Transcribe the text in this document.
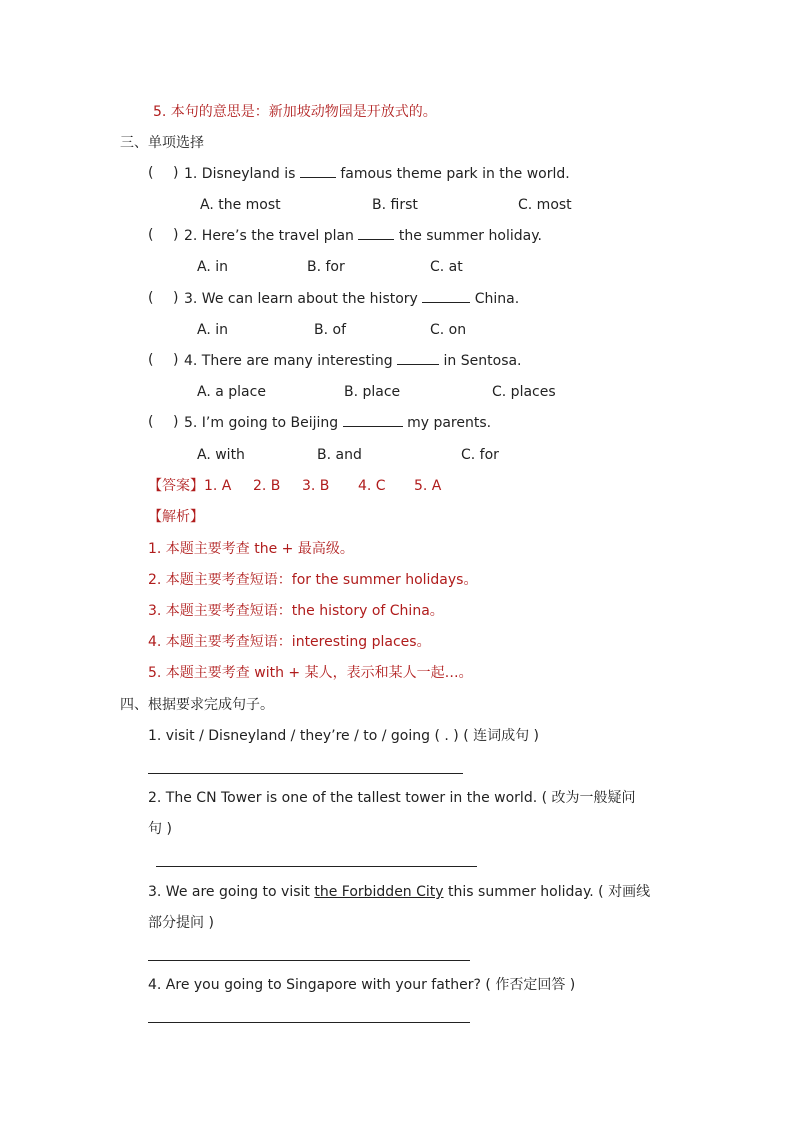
5. 本句的意思是：新加坡动物园是开放式的。
三、单项选择
( ) 1. Disneyland is	famous theme park in the world.
A. the most	B. first	C. most
( ) 2. Here’s the travel plan	the summer holiday.
A. in	B. for	C. at
( ) 3. We can learn about the history	China.
A. in	B. of	C. on
( ) 4. There are many interesting	in Sentosa.
A. a place	B. place	C. places
( ) 5. I’m going to Beijing	my parents.
A. with	B. and	C. for
【答案】 1. A 2. B 3. B 4. C 5. A
【解析】
1. 本题主要考查 the + 最高级。
2. 本题主要考查短语：for the summer holidays。
3. 本题主要考查短语：the history of China。
4. 本题主要考查短语：interesting places。
5. 本题主要考查 with + 某人，表示和某人一起…。
四、根据要求完成句子。
1. visit / Disneyland / they’re / to / going ( . ) ( 连词成句 )
2. The CN Tower is one of the tallest tower in the world. ( 改为一般疑问
句 )
3. We are going to visit the Forbidden City this summer holiday. ( 对画线
部分提问 )
4. Are you going to Singapore with your father? ( 作否定回答 )
